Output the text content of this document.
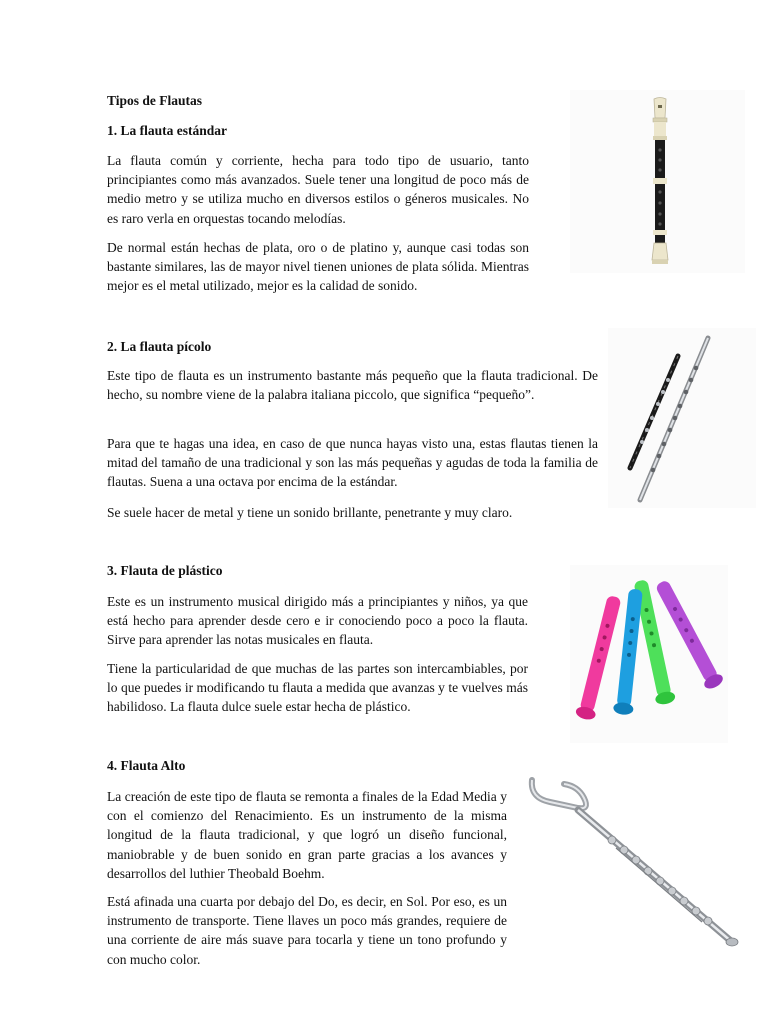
Tipos de Flautas
1. La flauta estándar

La flauta común y corriente, hecha para todo tipo de usuario, tanto principiantes como más avanzados. Suele tener una longitud de poco más de medio metro y se utiliza mucho en diversos estilos o géneros musicales. No es raro verla en orquestas tocando melodías.

De normal están hechas de plata, oro o de platino y, aunque casi todas son bastante similares, las de mayor nivel tienen uniones de plata sólida. Mientras mejor es el metal utilizado, mejor es la calidad de sonido.

2. La flauta pícolo

Este tipo de flauta es un instrumento bastante más pequeño que la flauta tradicional. De hecho, su nombre viene de la palabra italiana piccolo, que significa “pequeño”.

Para que te hagas una idea, en caso de que nunca hayas visto una, estas flautas tienen la mitad del tamaño de una tradicional y son las más pequeñas y agudas de toda la familia de flautas. Suena a una octava por encima de la estándar.

Se suele hacer de metal y tiene un sonido brillante, penetrante y muy claro.

3. Flauta de plástico

Este es un instrumento musical dirigido más a principiantes y niños, ya que está hecho para aprender desde cero e ir conociendo poco a poco la flauta. Sirve para aprender las notas musicales en flauta.

Tiene la particularidad de que muchas de las partes son intercambiables, por lo que puedes ir modificando tu flauta a medida que avanzas y te vuelves más habilidoso. La flauta dulce suele estar hecha de plástico.

4. Flauta Alto

La creación de este tipo de flauta se remonta a finales de la Edad Media y con el comienzo del Renacimiento. Es un instrumento de la misma longitud de la flauta tradicional, y que logró un diseño funcional, maniobrable y de buen sonido en gran parte gracias a los avances y desarrollos del luthier Theobald Boehm.

Está afinada una cuarta por debajo del Do, es decir, en Sol. Por eso, es un instrumento de transporte. Tiene llaves un poco más grandes, requiere de una corriente de aire más suave para tocarla y tiene un tono profundo y con mucho color.
